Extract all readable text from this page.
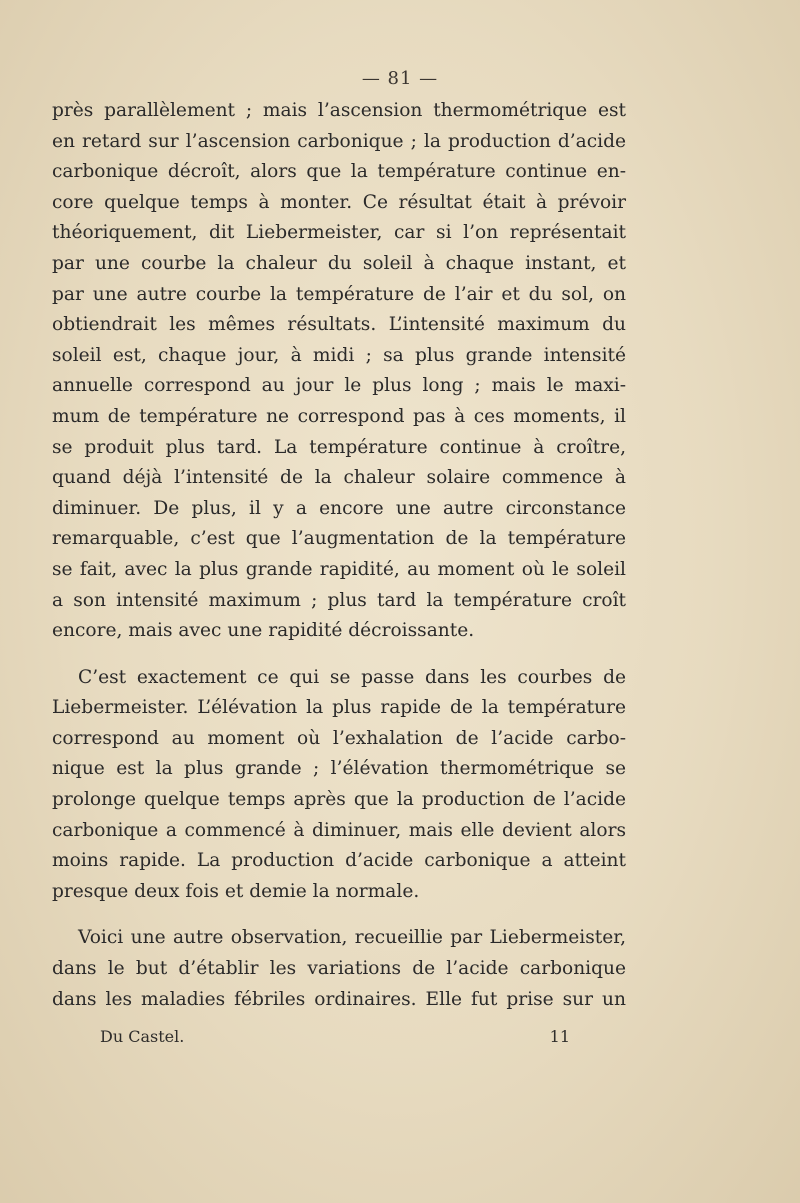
— 81 —
près parallèlement ; mais l’ascension thermométrique est
en retard sur l’ascension carbonique ; la production d’acide
carbonique décroît, alors que la température continue en-
core quelque temps à monter. Ce résultat était à prévoir
théoriquement, dit Liebermeister, car si l’on représentait
par une courbe la chaleur du soleil à chaque instant, et
par une autre courbe la température de l’air et du sol, on
obtiendrait les mêmes résultats. L’intensité maximum du
soleil est, chaque jour, à midi ; sa plus grande intensité
annuelle correspond au jour le plus long ; mais le maxi-
mum de température ne correspond pas à ces moments, il
se produit plus tard. La température continue à croître,
quand déjà l’intensité de la chaleur solaire commence à
diminuer. De plus, il y a encore une autre circonstance
remarquable, c’est que l’augmentation de la température
se fait, avec la plus grande rapidité, au moment où le soleil
a son intensité maximum ; plus tard la température croît
encore, mais avec une rapidité décroissante.
C’est exactement ce qui se passe dans les courbes de
Liebermeister. L’élévation la plus rapide de la température
correspond au moment où l’exhalation de l’acide carbo-
nique est la plus grande ; l’élévation thermométrique se
prolonge quelque temps après que la production de l’acide
carbonique a commencé à diminuer, mais elle devient alors
moins rapide. La production d’acide carbonique a atteint
presque deux fois et demie la normale.
Voici une autre observation, recueillie par Liebermeister,
dans le but d’établir les variations de l’acide carbonique
dans les maladies fébriles ordinaires. Elle fut prise sur un
Du Castel.	11
